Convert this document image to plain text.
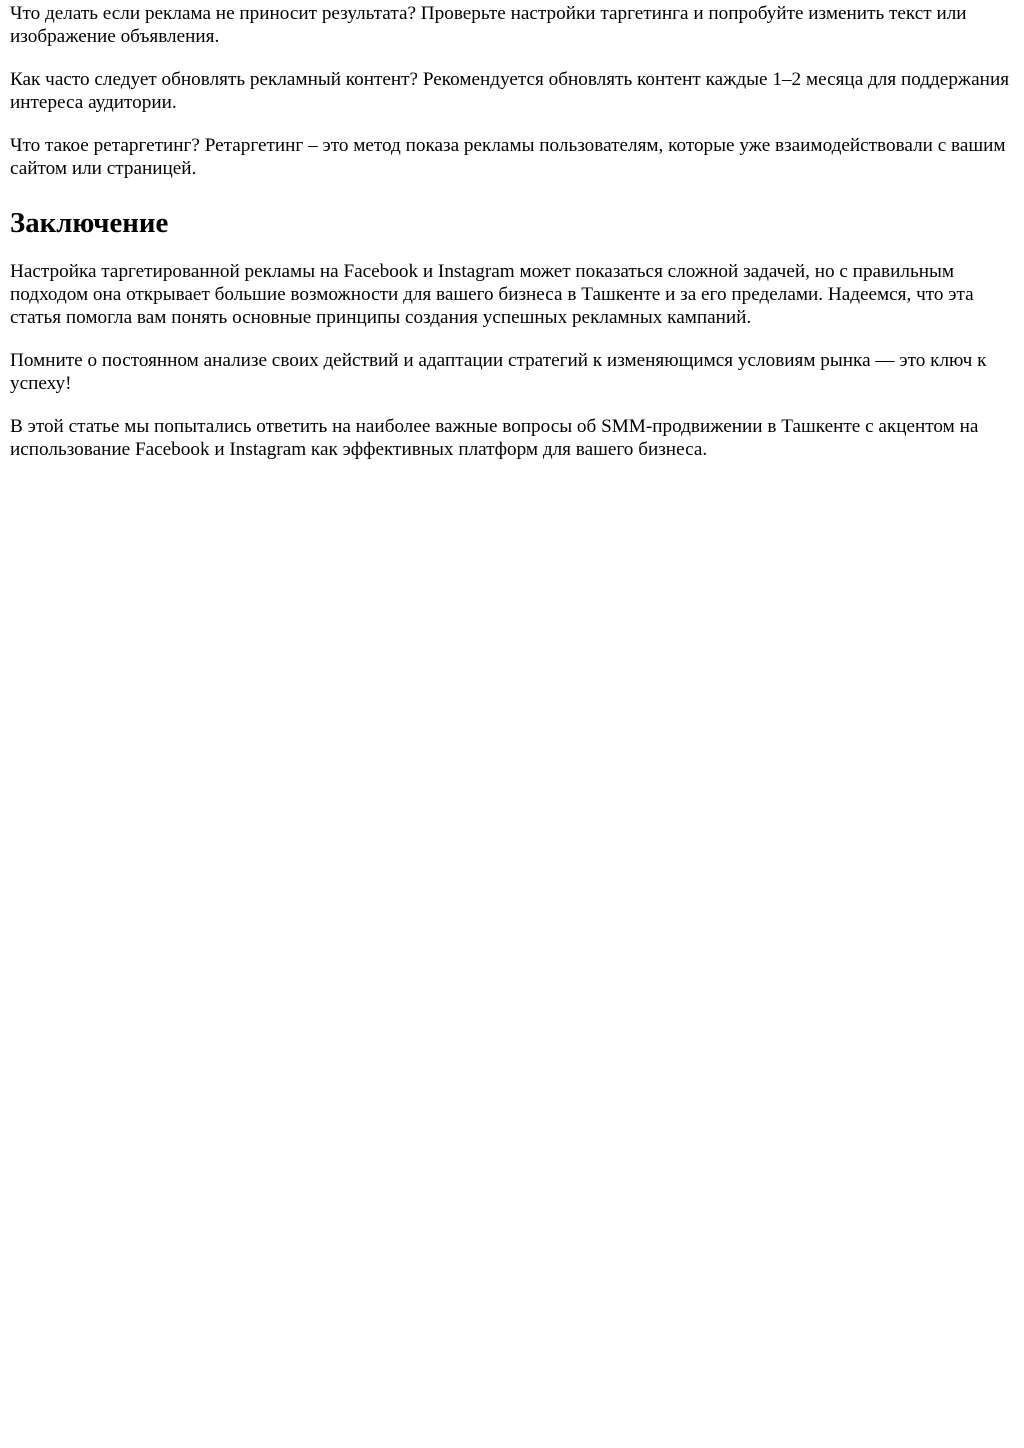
Что делать если реклама не приносит результата? Проверьте настройки таргетинга и попробуйте изменить текст или изображение объявления.

Как часто следует обновлять рекламный контент? Рекомендуется обновлять контент каждые 1–2 месяца для поддержания интереса аудитории.

Что такое ретаргетинг? Ретаргетинг – это метод показа рекламы пользователям, которые уже взаимодействовали с вашим сайтом или страницей.

Заключение

Настройка таргетированной рекламы на Facebook и Instagram может показаться сложной задачей, но с правильным подходом она открывает большие возможности для вашего бизнеса в Ташкенте и за его пределами. Надеемся, что эта статья помогла вам понять основные принципы создания успешных рекламных кампаний.

Помните о постоянном анализе своих действий и адаптации стратегий к изменяющимся условиям рынка — это ключ к успеху!

В этой статье мы попытались ответить на наиболее важные вопросы об SMM-продвижении в Ташкенте с акцентом на использование Facebook и Instagram как эффективных платформ для вашего бизнеса.
